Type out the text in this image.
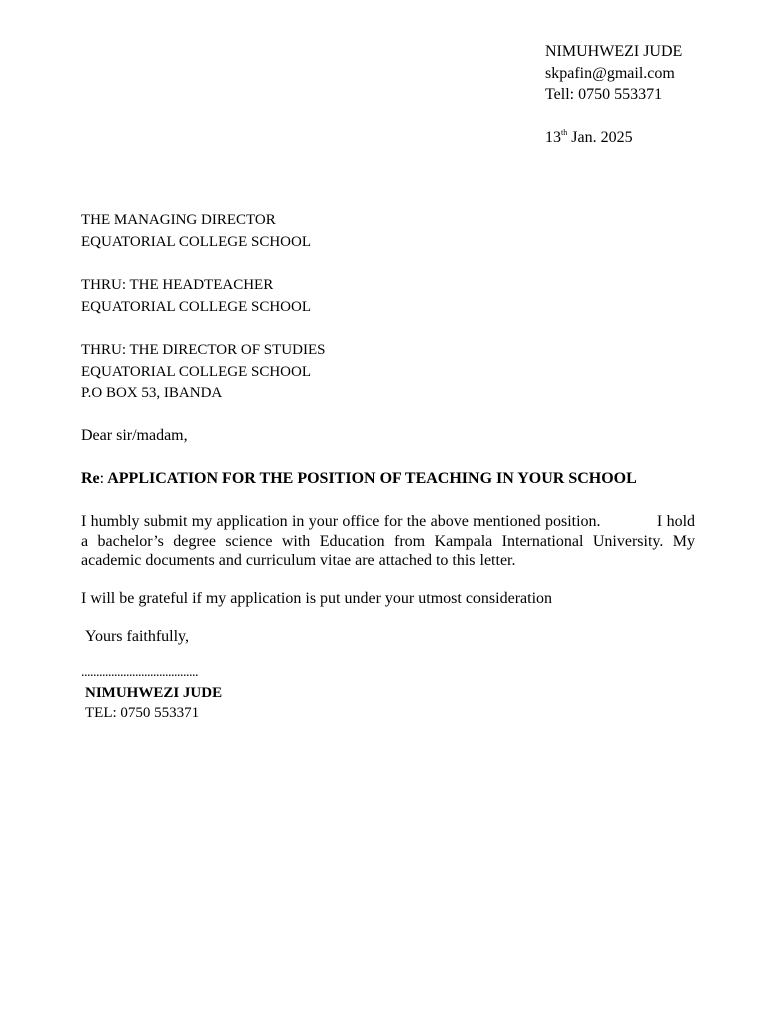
NIMUHWEZI JUDE
skpafin@gmail.com
Tell: 0750 553371
13th Jan. 2025
THE MANAGING DIRECTOR
EQUATORIAL COLLEGE SCHOOL
THRU: THE HEADTEACHER
EQUATORIAL COLLEGE SCHOOL
THRU: THE DIRECTOR OF STUDIES
EQUATORIAL COLLEGE SCHOOL
P.O BOX 53, IBANDA
Dear sir/madam,
Re: APPLICATION FOR THE POSITION OF TEACHING IN YOUR SCHOOL

I humbly submit my application in your office for the above mentioned position.	I hold a bachelor’s degree science with Education from Kampala International University. My academic documents and curriculum vitae are attached to this letter.

I will be grateful if my application is put under your utmost consideration

Yours faithfully,
.......................................
NIMUHWEZI JUDE
TEL: 0750 553371
